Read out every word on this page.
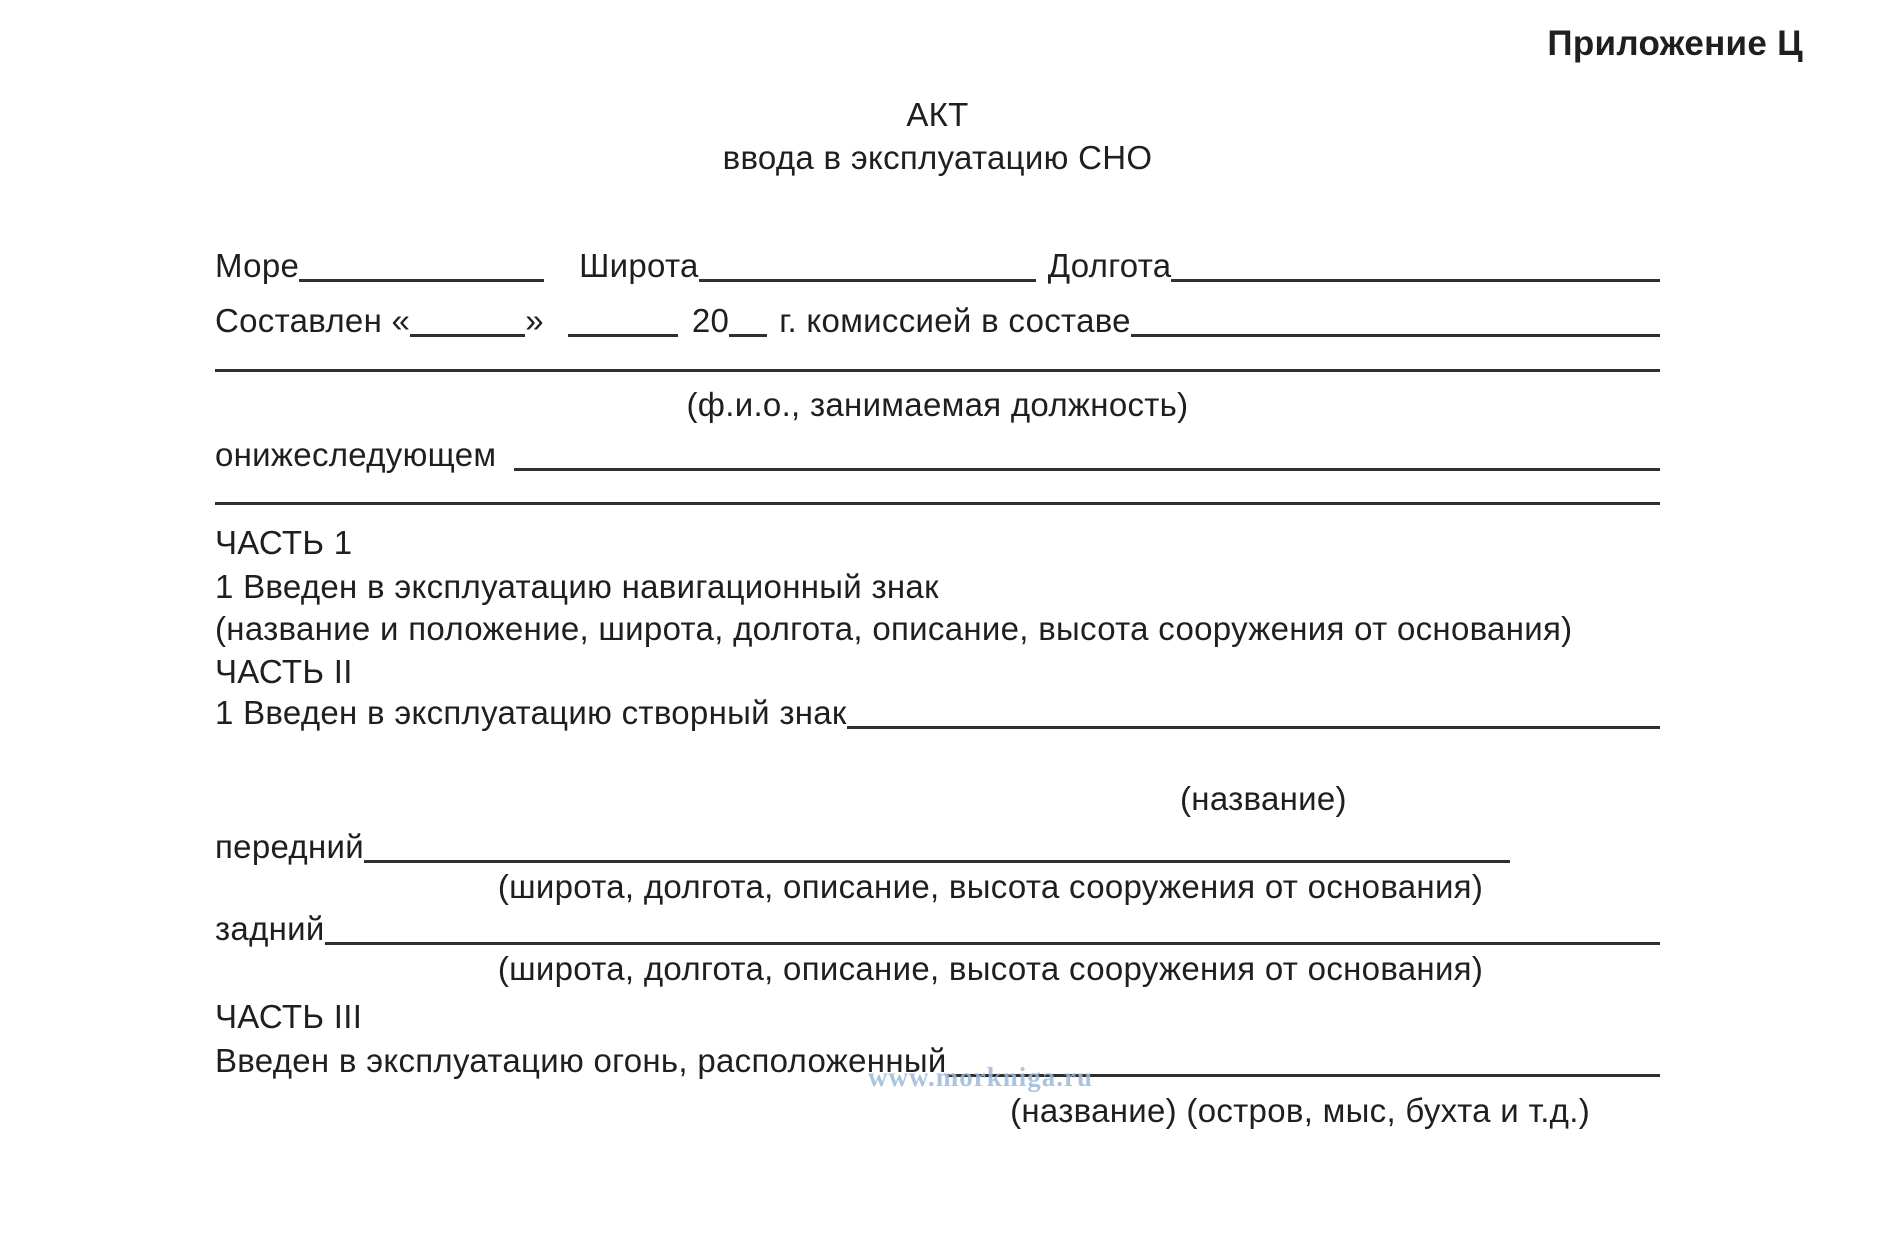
Приложение Ц
АКТ
ввода в эксплуатацию СНО
Море	Широта	Долгота
Составлен «	»	20 г. комиссией в составе
(ф.и.о., занимаемая должность)
онижеследующем
ЧАСТЬ 1
1 Введен в эксплуатацию навигационный знак
(название и положение, широта, долгота, описание, высота сооружения от основания)
ЧАСТЬ II
1 Введен в эксплуатацию створный знак
(название)
передний
(широта, долгота, описание, высота сооружения от основания)
задний
(широта, долгота, описание, высота сооружения от основания)
ЧАСТЬ III
Введен в эксплуатацию огонь, расположенный
(название) (остров, мыс, бухта и т.д.)
www.morkniga.ru
